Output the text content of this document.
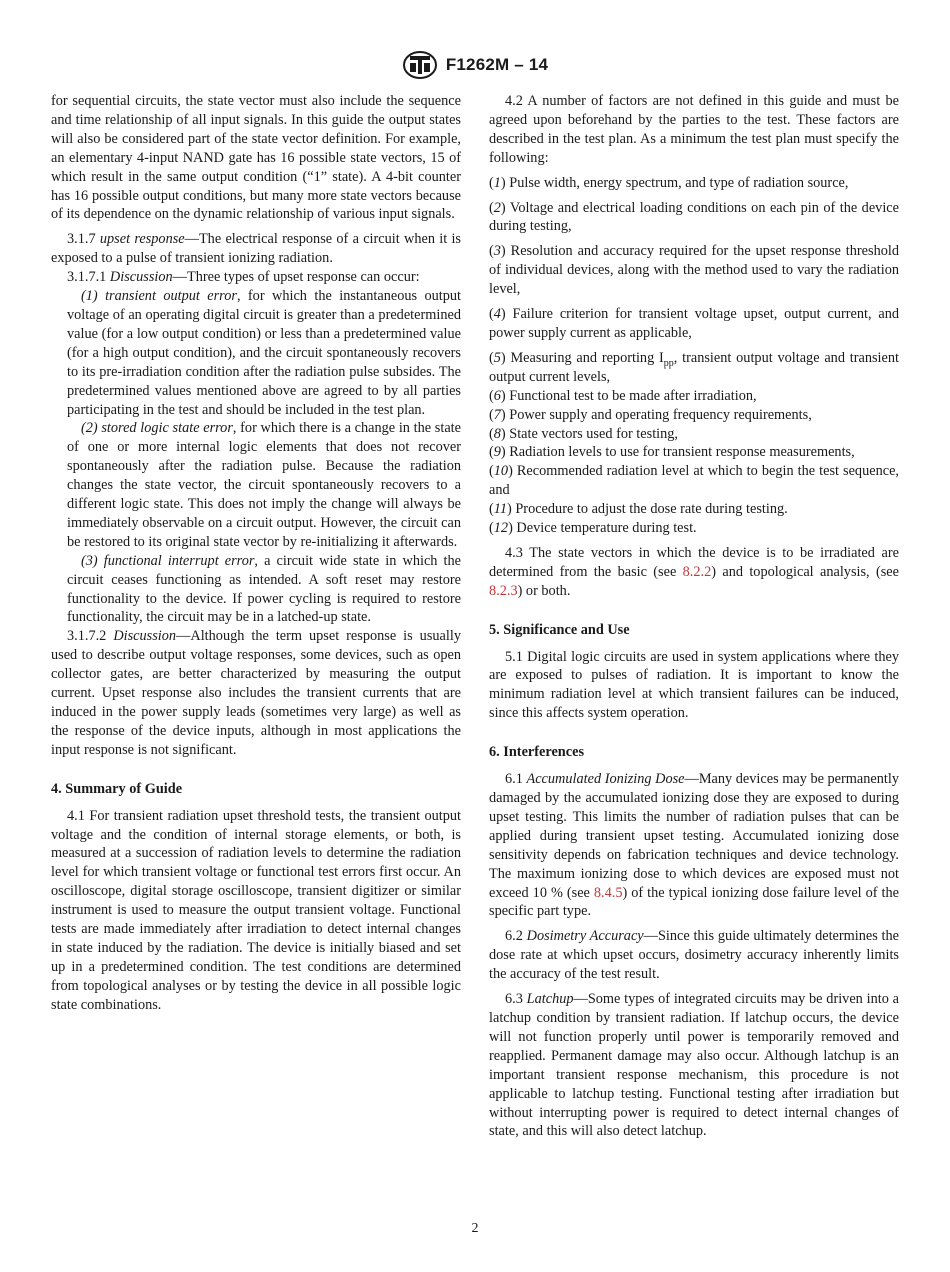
F1262M – 14

for sequential circuits, the state vector must also include the sequence and time relationship of all input signals. In this guide the output states will also be considered part of the state vector definition. For example, an elementary 4-input NAND gate has 16 possible state vectors, 15 of which result in the same output condition (“1” state). A 4-bit counter has 16 possible output conditions, but many more state vectors because of its dependence on the dynamic relationship of various input signals.

3.1.7 upset response—The electrical response of a circuit when it is exposed to a pulse of transient ionizing radiation.

3.1.7.1 Discussion—Three types of upset response can occur:

(1) transient output error, for which the instantaneous output voltage of an operating digital circuit is greater than a predetermined value (for a low output condition) or less than a predetermined value (for a high output condition), and the circuit spontaneously recovers to its pre-irradiation condition after the radiation pulse subsides. The predetermined values mentioned above are agreed to by all parties participating in the test and should be included in the test plan.

(2) stored logic state error, for which there is a change in the state of one or more internal logic elements that does not recover spontaneously after the radiation pulse. Because the radiation changes the state vector, the circuit spontaneously recovers to a different logic state. This does not imply the change will always be immediately observable on a circuit output. However, the circuit can be restored to its original state vector by re-initializing it afterwards.

(3) functional interrupt error, a circuit wide state in which the circuit ceases functioning as intended. A soft reset may restore functionality to the device. If power cycling is required to restore functionality, the circuit may be in a latched-up state.

3.1.7.2 Discussion—Although the term upset response is usually used to describe output voltage responses, some devices, such as open collector gates, are better characterized by measuring the output current. Upset response also includes the transient currents that are induced in the power supply leads (sometimes very large) as well as the response of the device inputs, although in most applications the input response is not significant.

4. Summary of Guide

4.1 For transient radiation upset threshold tests, the transient output voltage and the condition of internal storage elements, or both, is measured at a succession of radiation levels to determine the radiation level for which transient voltage or functional test errors first occur. An oscilloscope, digital storage oscilloscope, transient digitizer or similar instrument is used to measure the output transient voltage. Functional tests are made immediately after irradiation to detect internal changes in state induced by the radiation. The device is initially biased and set up in a predetermined condition. The test conditions are determined from topological analyses or by testing the device in all possible logic state combinations.

4.2 A number of factors are not defined in this guide and must be agreed upon beforehand by the parties to the test. These factors are described in the test plan. As a minimum the test plan must specify the following:

(1) Pulse width, energy spectrum, and type of radiation source,

(2) Voltage and electrical loading conditions on each pin of the device during testing,

(3) Resolution and accuracy required for the upset response threshold of individual devices, along with the method used to vary the radiation level,

(4) Failure criterion for transient voltage upset, output current, and power supply current as applicable,

(5) Measuring and reporting $I_{pp}$, transient output voltage and transient output current levels,

(6) Functional test to be made after irradiation,

(7) Power supply and operating frequency requirements,

(8) State vectors used for testing,

(9) Radiation levels to use for transient response measurements,

(10) Recommended radiation level at which to begin the test sequence, and

(11) Procedure to adjust the dose rate during testing.

(12) Device temperature during test.

4.3 The state vectors in which the device is to be irradiated are determined from the basic (see 8.2.2) and topological analysis, (see 8.2.3) or both.

5. Significance and Use

5.1 Digital logic circuits are used in system applications where they are exposed to pulses of radiation. It is important to know the minimum radiation level at which transient failures can be induced, since this affects system operation.

6. Interferences

6.1 Accumulated Ionizing Dose—Many devices may be permanently damaged by the accumulated ionizing dose they are exposed to during upset testing. This limits the number of radiation pulses that can be applied during transient upset testing. Accumulated ionizing dose sensitivity depends on fabrication techniques and device technology. The maximum ionizing dose to which devices are exposed must not exceed 10 % (see 8.4.5) of the typical ionizing dose failure level of the specific part type.

6.2 Dosimetry Accuracy—Since this guide ultimately determines the dose rate at which upset occurs, dosimetry accuracy inherently limits the accuracy of the test result.

6.3 Latchup—Some types of integrated circuits may be driven into a latchup condition by transient radiation. If latchup occurs, the device will not function properly until power is temporarily removed and reapplied. Permanent damage may also occur. Although latchup is an important transient response mechanism, this procedure is not applicable to latchup testing. Functional testing after irradiation but without interrupting power is required to detect internal changes of state, and this will also detect latchup.

2
